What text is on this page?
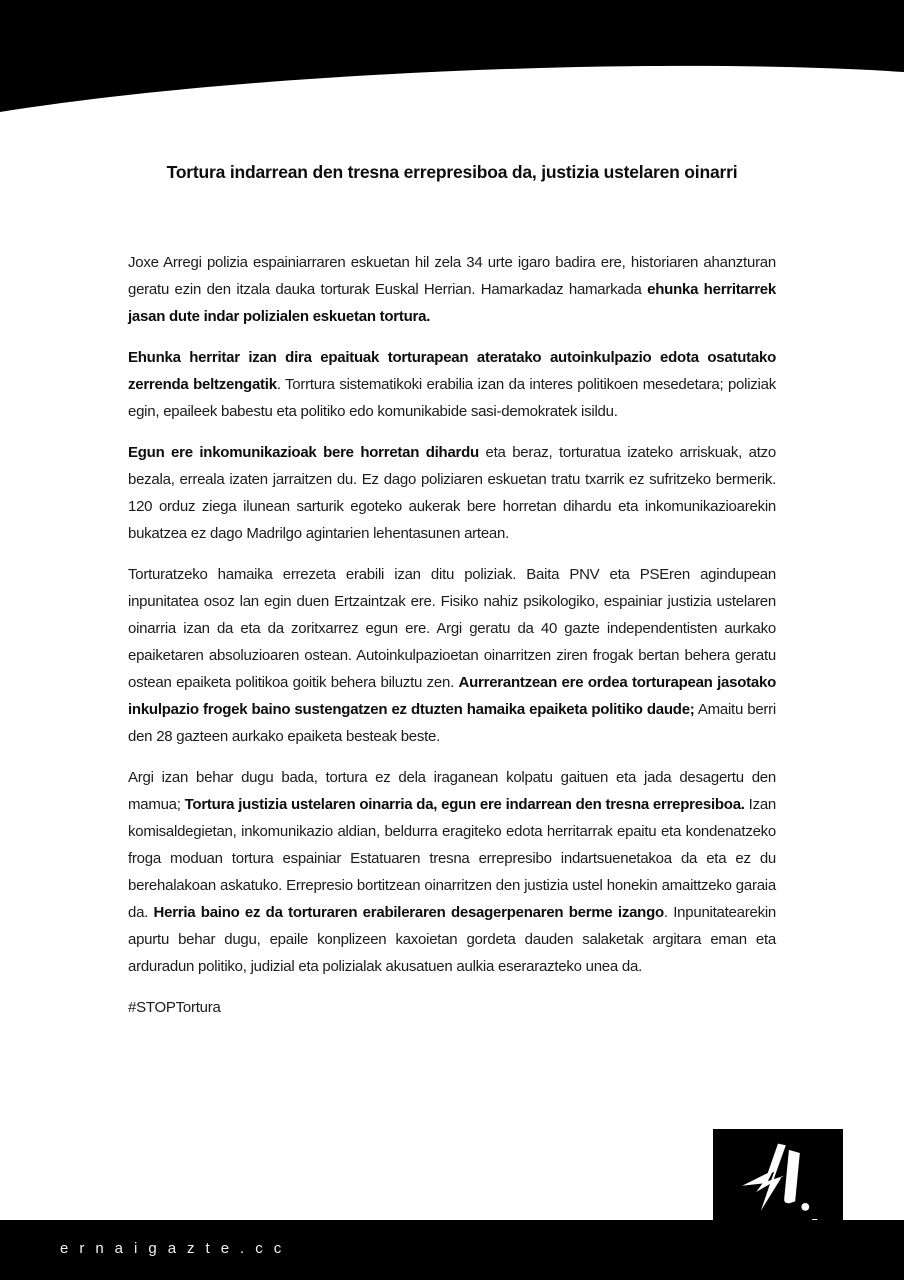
Tortura indarrean den tresna errepresiboa da, justizia ustelaren oinarri

Joxe Arregi polizia espainiarraren eskuetan hil zela 34 urte igaro badira ere, historiaren ahanzturan geratu ezin den itzala dauka torturak Euskal Herrian. Hamarkadaz hamarkada ehunka herritarrek jasan dute indar polizialen eskuetan tortura.

Ehunka herritar izan dira epaituak torturapean ateratako autoinkulpazio edota osatutako zerrenda beltzengatik. Torrtura sistematikoki erabilia izan da interes politikoen mesedetara; poliziak egin, epaileek babestu eta politiko edo komunikabide sasi-demokratek isildu.

Egun ere inkomunikazioak bere horretan dihardu eta beraz, torturatua izateko arriskuak, atzo bezala, erreala izaten jarraitzen du. Ez dago poliziaren eskuetan tratu txarrik ez sufritzeko bermerik. 120 orduz ziega ilunean sarturik egoteko aukerak bere horretan dihardu eta inkomunikazioarekin bukatzea ez dago Madrilgo agintarien lehentasunen artean.

Torturatzeko hamaika errezeta erabili izan ditu poliziak. Baita PNV eta PSEren agindupean inpunitatea osoz lan egin duen Ertzaintzak ere. Fisiko nahiz psikologiko, espainiar justizia ustelaren oinarria izan da eta da zoritxarrez egun ere. Argi geratu da 40 gazte independentisten aurkako epaiketaren absoluzioaren ostean. Autoinkulpazioetan oinarritzen ziren frogak bertan behera geratu ostean epaiketa politikoa goitik behera biluztu zen. Aurrerantzean ere ordea torturapean jasotako inkulpazio frogek baino sustengatzen ez dtuzten hamaika epaiketa politiko daude; Amaitu berri den 28 gazteen aurkako epaiketa besteak beste.

Argi izan behar dugu bada, tortura ez dela iraganean kolpatu gaituen eta jada desagertu den mamua; Tortura justizia ustelaren oinarria da, egun ere indarrean den tresna errepresiboa. Izan komisaldegietan, inkomunikazio aldian, beldurra eragiteko edota herritarrak epaitu eta kondenatzeko froga moduan tortura espainiar Estatuaren tresna errepresibo indartsuenetakoa da eta ez du berehalakoan askatuko. Errepresio bortitzean oinarritzen den justizia ustel honekin amaittzeko garaia da. Herria baino ez da torturaren erabileraren desagerpenaren berme izango. Inpunitatearekin apurtu behar dugu, epaile konplizeen kaxoietan gordeta dauden salaketak argitara eman eta arduradun politiko, judizial eta polizialak akusatuen aulkia eserarazteko unea da.

#STOPTortura

ernaigazte.cc
